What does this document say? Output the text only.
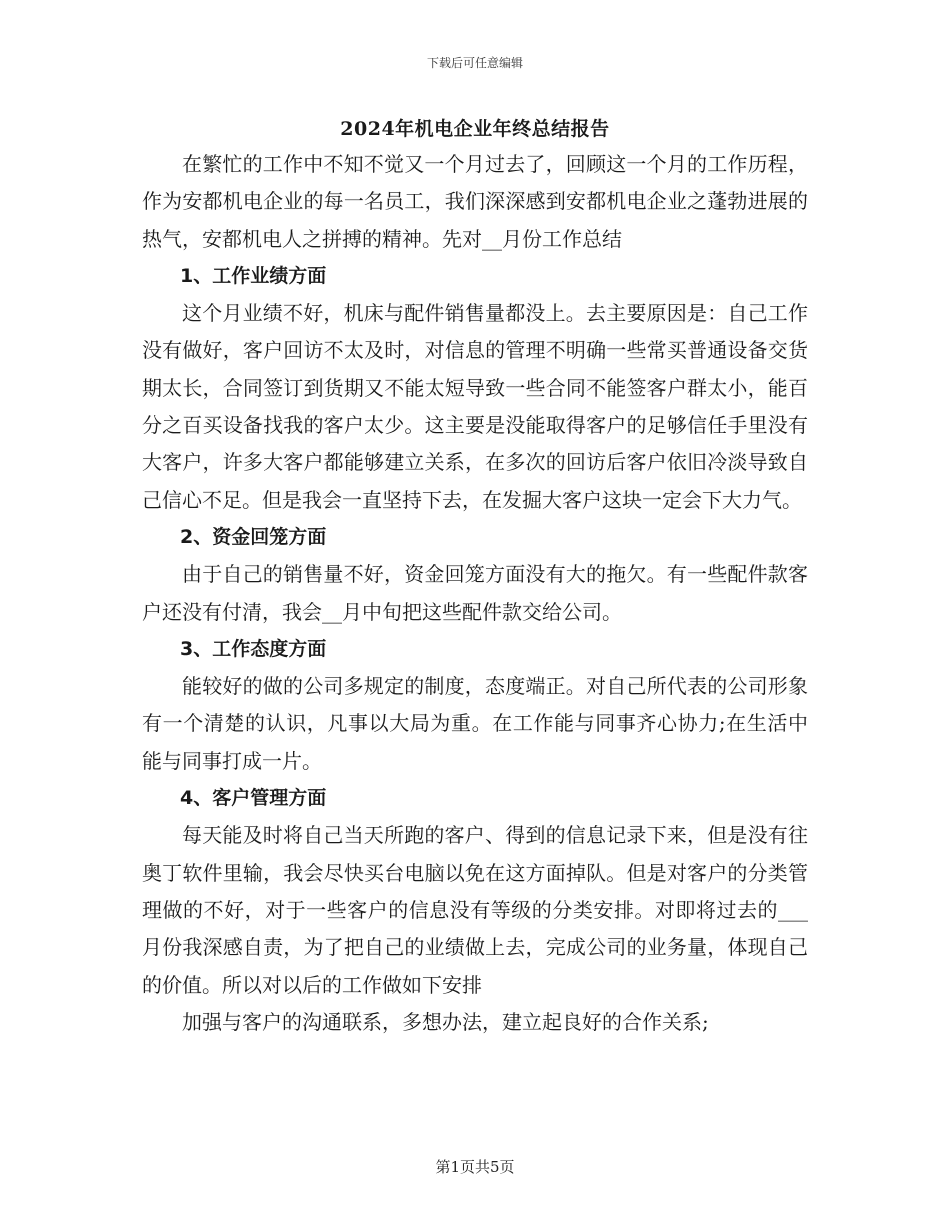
下载后可任意编辑
2024年机电企业年终总结报告

在繁忙的工作中不知不觉又一个月过去了，回顾这一个月的工作历程，作为安都机电企业的每一名员工，我们深深感到安都机电企业之蓬勃进展的热气，安都机电人之拼搏的精神。先对__月份工作总结

1、工作业绩方面

这个月业绩不好，机床与配件销售量都没上。去主要原因是：自己工作没有做好，客户回访不太及时，对信息的管理不明确一些常买普通设备交货期太长，合同签订到货期又不能太短导致一些合同不能签客户群太小，能百分之百买设备找我的客户太少。这主要是没能取得客户的足够信任手里没有大客户，许多大客户都能够建立关系，在多次的回访后客户依旧冷淡导致自己信心不足。但是我会一直坚持下去，在发掘大客户这块一定会下大力气。

2、资金回笼方面

由于自己的销售量不好，资金回笼方面没有大的拖欠。有一些配件款客户还没有付清，我会__月中旬把这些配件款交给公司。

3、工作态度方面

能较好的做的公司多规定的制度，态度端正。对自己所代表的公司形象有一个清楚的认识，凡事以大局为重。在工作能与同事齐心协力;在生活中能与同事打成一片。

4、客户管理方面

每天能及时将自己当天所跑的客户、得到的信息记录下来，但是没有往奥丁软件里输，我会尽快买台电脑以免在这方面掉队。但是对客户的分类管理做的不好，对于一些客户的信息没有等级的分类安排。对即将过去的___月份我深感自责，为了把自己的业绩做上去，完成公司的业务量，体现自己的价值。所以对以后的工作做如下安排

加强与客户的沟通联系，多想办法，建立起良好的合作关系;

第1页共5页
